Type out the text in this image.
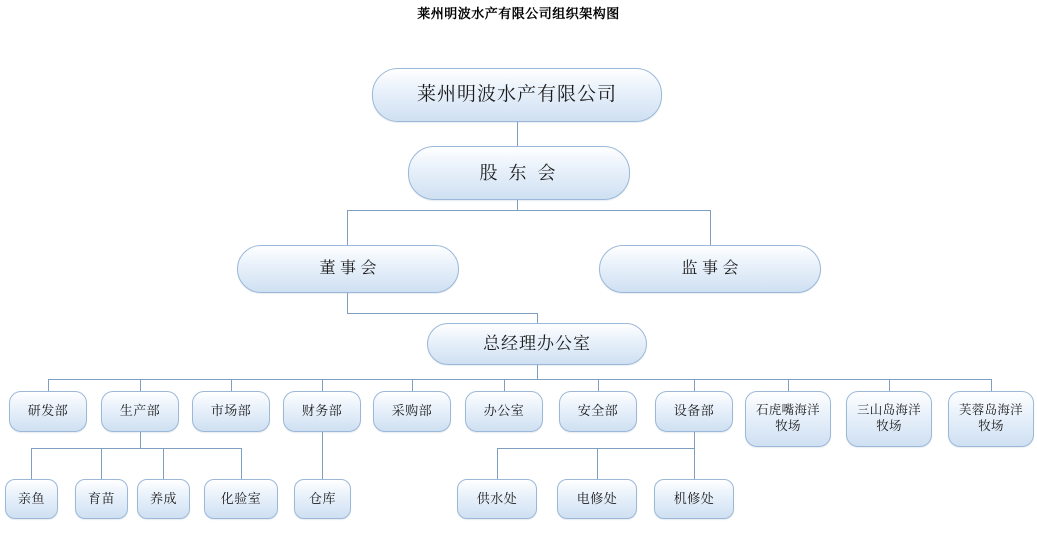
莱州明波水产有限公司组织架构图
莱州明波水产有限公司
股 东 会
董 事 会	监 事 会
总经理办公室
研发部	生产部	市场部	财务部	采购部	办公室	安全部	设备部	石虎嘴海洋牧场
三山岛海洋牧场
芙蓉岛海洋牧场
亲鱼	育苗	养成	化验室	仓库	供水处	电修处	机修处
